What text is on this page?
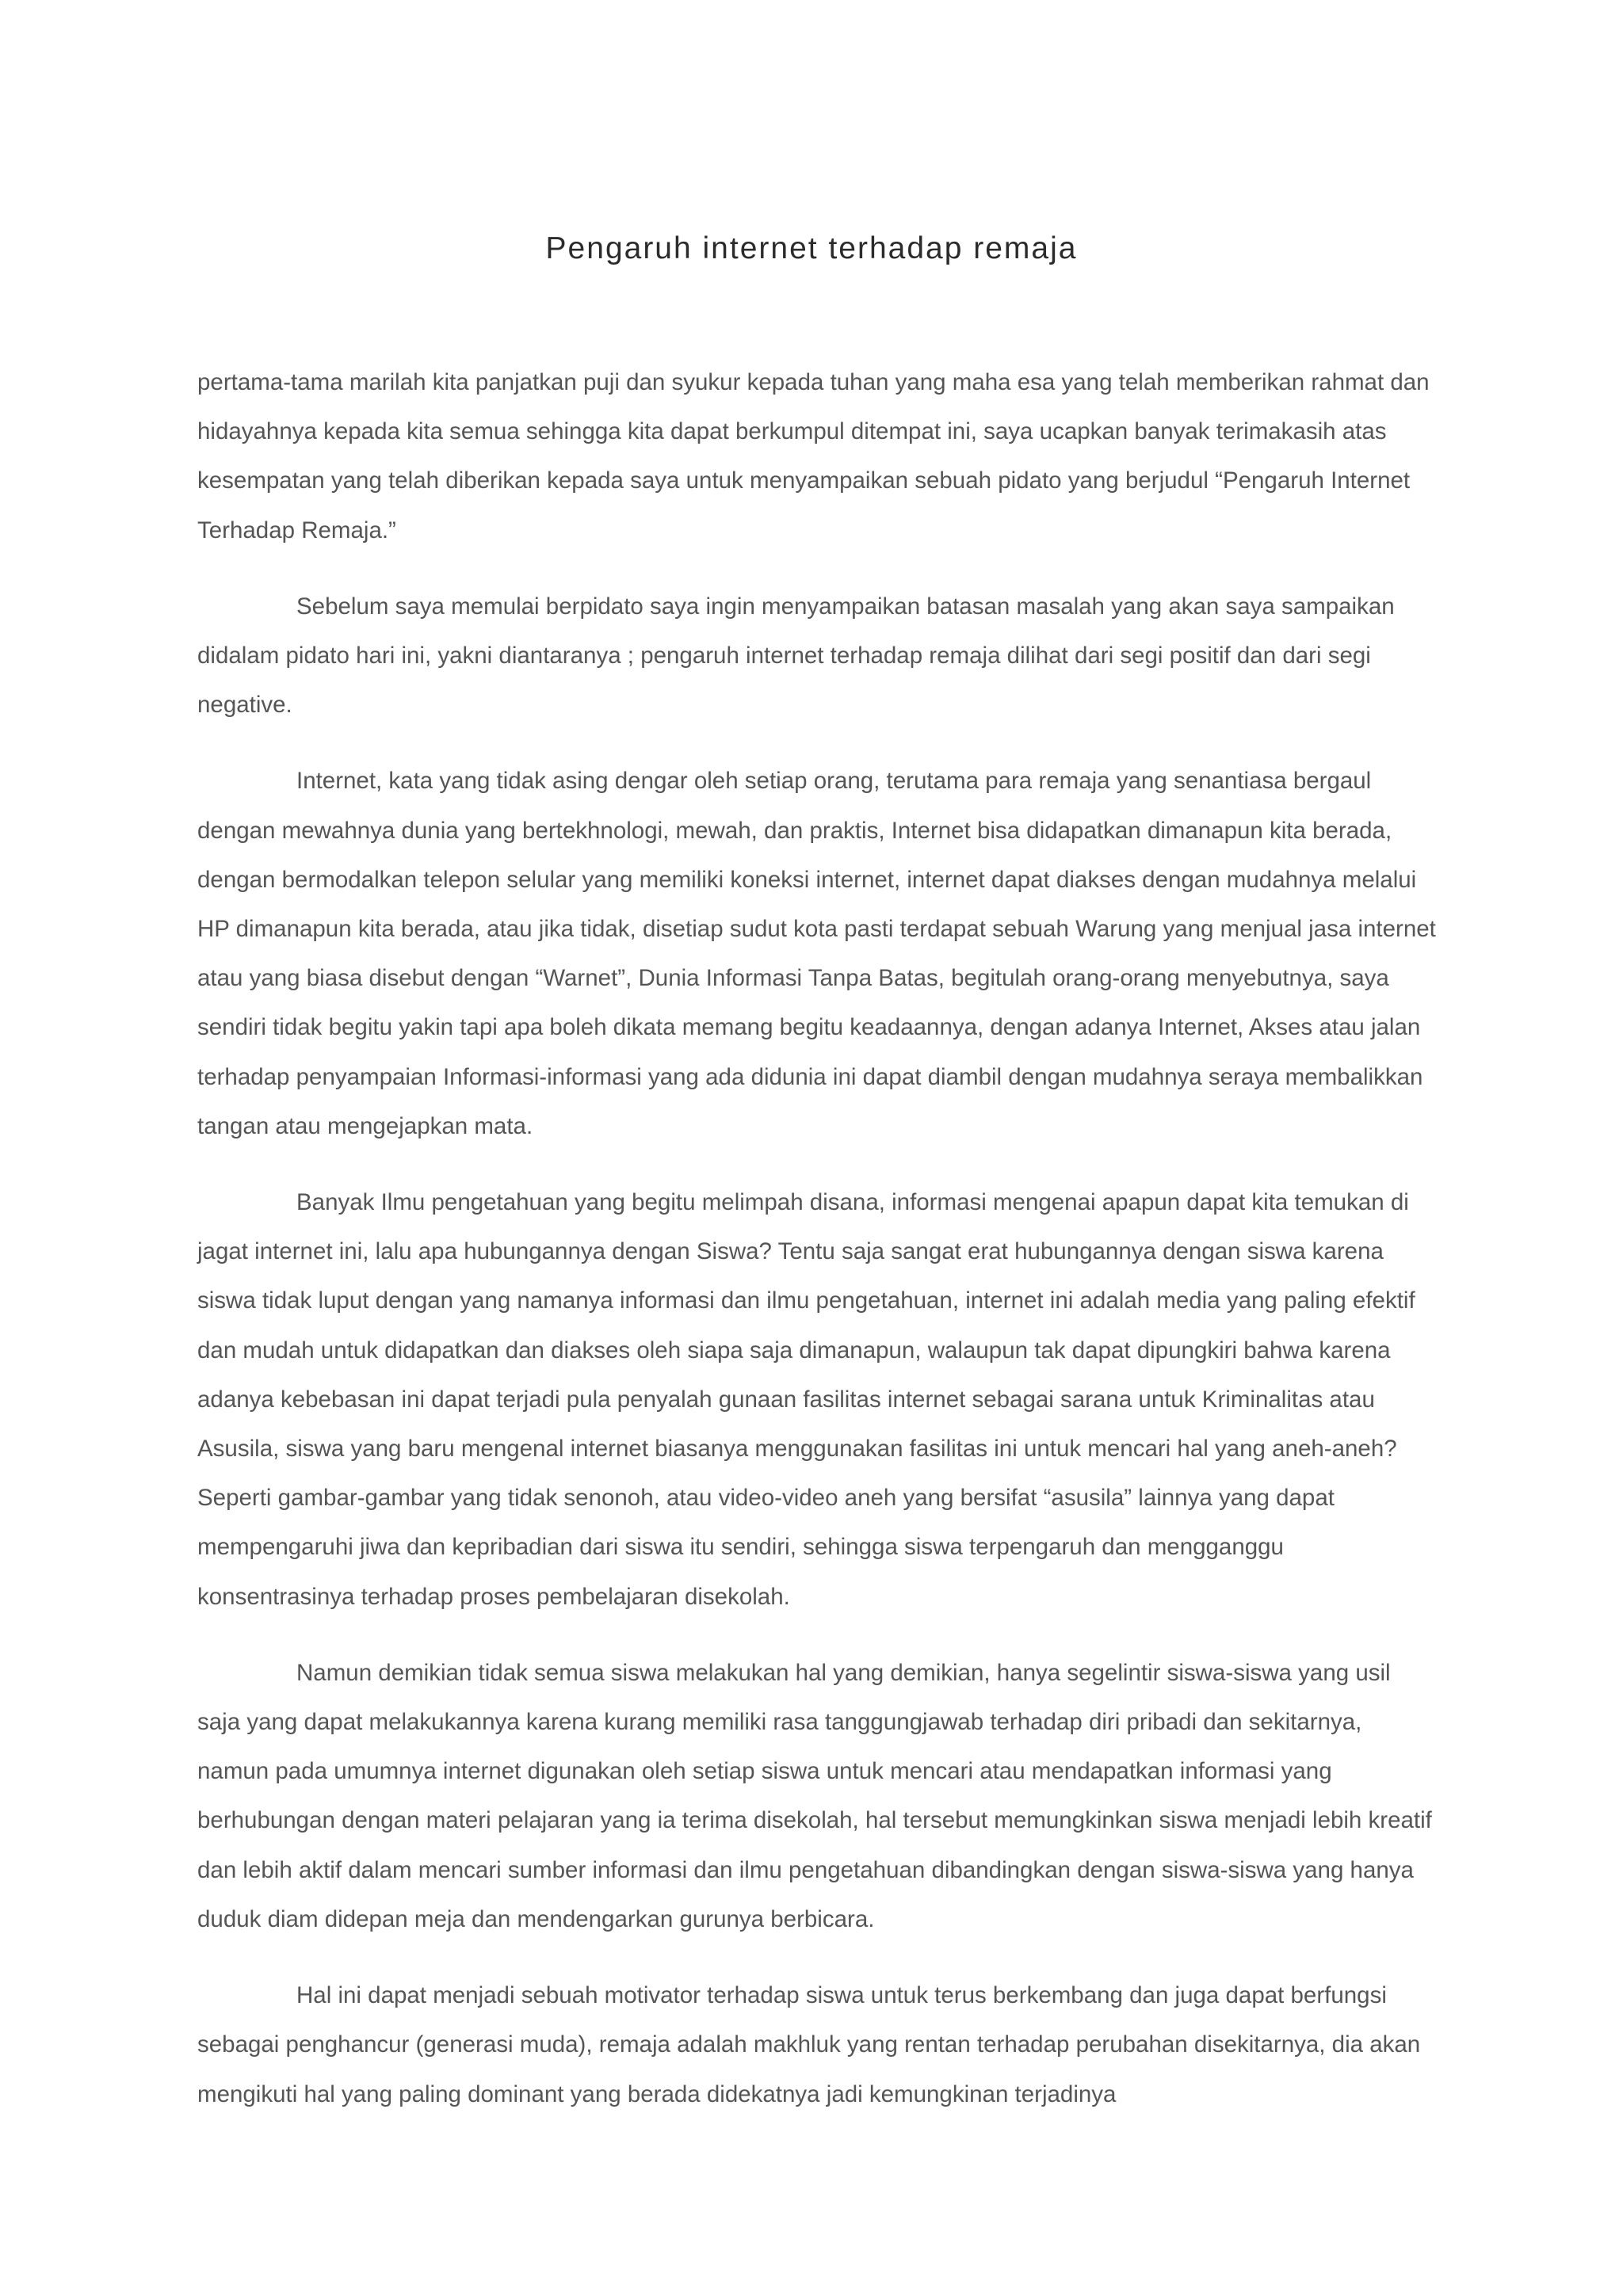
Pengaruh internet terhadap remaja

pertama-tama marilah kita panjatkan puji dan syukur kepada tuhan yang maha esa yang telah memberikan rahmat dan hidayahnya kepada kita semua sehingga kita dapat berkumpul ditempat ini, saya ucapkan banyak terimakasih atas kesempatan yang telah diberikan kepada saya untuk menyampaikan sebuah pidato yang berjudul “Pengaruh Internet Terhadap Remaja.”

Sebelum saya memulai berpidato saya ingin menyampaikan batasan masalah yang akan saya sampaikan didalam pidato hari ini, yakni diantaranya ; pengaruh internet terhadap remaja dilihat dari segi positif dan dari segi negative.

Internet, kata yang tidak asing dengar oleh setiap orang, terutama para remaja yang senantiasa bergaul dengan mewahnya dunia yang bertekhnologi, mewah, dan praktis, Internet bisa didapatkan dimanapun kita berada, dengan bermodalkan telepon selular yang memiliki koneksi internet, internet dapat diakses dengan mudahnya melalui HP dimanapun kita berada, atau jika tidak, disetiap sudut kota pasti terdapat sebuah Warung yang menjual jasa internet atau yang biasa disebut dengan “Warnet”, Dunia Informasi Tanpa Batas, begitulah orang-orang menyebutnya, saya sendiri tidak begitu yakin tapi apa boleh dikata memang begitu keadaannya, dengan adanya Internet, Akses atau jalan terhadap penyampaian Informasi-informasi yang ada didunia ini dapat diambil dengan mudahnya seraya membalikkan tangan atau mengejapkan mata.

Banyak Ilmu pengetahuan yang begitu melimpah disana, informasi mengenai apapun dapat kita temukan di jagat internet ini, lalu apa hubungannya dengan Siswa? Tentu saja sangat erat hubungannya dengan siswa karena siswa tidak luput dengan yang namanya informasi dan ilmu pengetahuan, internet ini adalah media yang paling efektif dan mudah untuk didapatkan dan diakses oleh siapa saja dimanapun, walaupun tak dapat dipungkiri bahwa karena adanya kebebasan ini dapat terjadi pula penyalah gunaan fasilitas internet sebagai sarana untuk Kriminalitas atau Asusila, siswa yang baru mengenal internet biasanya menggunakan fasilitas ini untuk mencari hal yang aneh-aneh? Seperti gambar-gambar yang tidak senonoh, atau video-video aneh yang bersifat “asusila” lainnya yang dapat mempengaruhi jiwa dan kepribadian dari siswa itu sendiri, sehingga siswa terpengaruh dan mengganggu konsentrasinya terhadap proses pembelajaran disekolah.

Namun demikian tidak semua siswa melakukan hal yang demikian, hanya segelintir siswa-siswa yang usil saja yang dapat melakukannya karena kurang memiliki rasa tanggungjawab terhadap diri pribadi dan sekitarnya, namun pada umumnya internet digunakan oleh setiap siswa untuk mencari atau mendapatkan informasi yang berhubungan dengan materi pelajaran yang ia terima disekolah, hal tersebut memungkinkan siswa menjadi lebih kreatif dan lebih aktif dalam mencari sumber informasi dan ilmu pengetahuan dibandingkan dengan siswa-siswa yang hanya duduk diam didepan meja dan mendengarkan gurunya berbicara.

Hal ini dapat menjadi sebuah motivator terhadap siswa untuk terus berkembang dan juga dapat berfungsi sebagai penghancur (generasi muda), remaja adalah makhluk yang rentan terhadap perubahan disekitarnya, dia akan mengikuti hal yang paling dominant yang berada didekatnya jadi kemungkinan terjadinya
